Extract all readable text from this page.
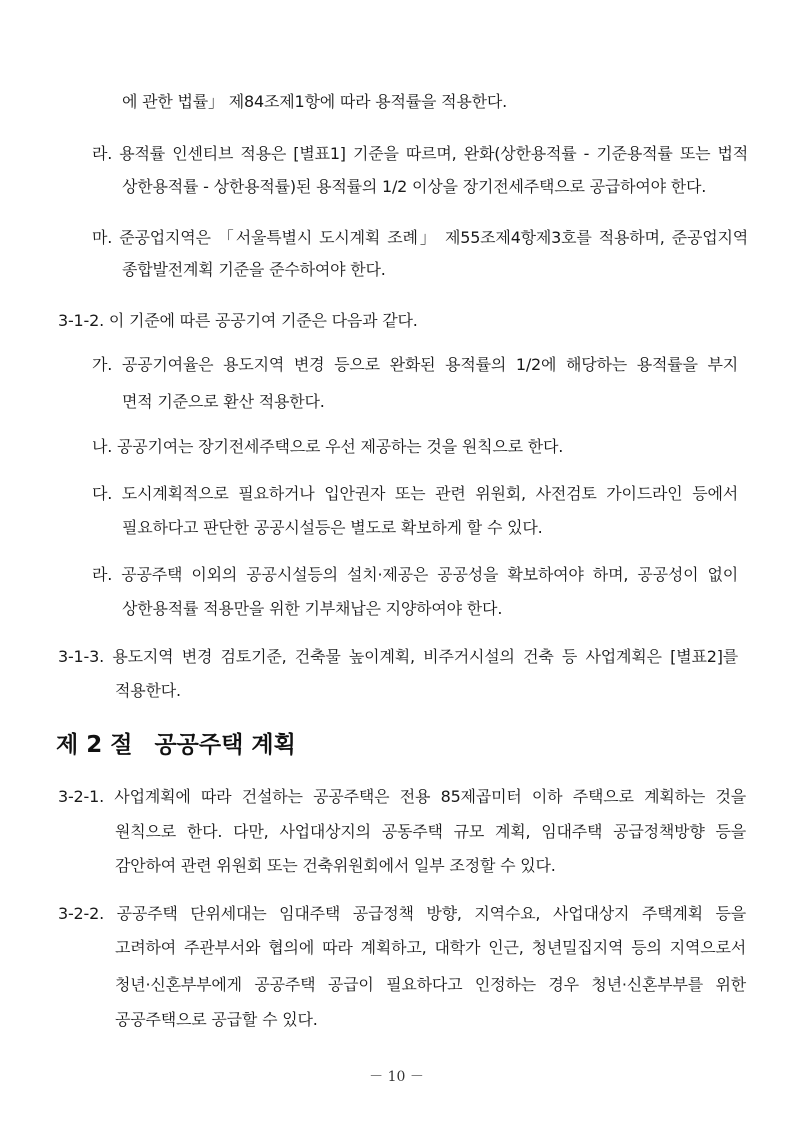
에 관한 법률」 제84조제1항에 따라 용적률을 적용한다.
라. 용적률 인센티브 적용은 [별표1] 기준을 따르며, 완화(상한용적률 - 기준용적률 또는 법적
상한용적률 - 상한용적률)된 용적률의 1/2 이상을 장기전세주택으로 공급하여야 한다.
마. 준공업지역은 「서울특별시 도시계획 조례」 제55조제4항제3호를 적용하며, 준공업지역
종합발전계획 기준을 준수하여야 한다.
3-1-2. 이 기준에 따른 공공기여 기준은 다음과 같다.
가. 공공기여율은 용도지역 변경 등으로 완화된 용적률의 1/2에 해당하는 용적률을 부지
면적 기준으로 환산 적용한다.
나. 공공기여는 장기전세주택으로 우선 제공하는 것을 원칙으로 한다.
다. 도시계획적으로 필요하거나 입안권자 또는 관련 위원회, 사전검토 가이드라인 등에서
필요하다고 판단한 공공시설등은 별도로 확보하게 할 수 있다.
라. 공공주택 이외의 공공시설등의 설치·제공은 공공성을 확보하여야 하며, 공공성이 없이
상한용적률 적용만을 위한 기부채납은 지양하여야 한다.
3-1-3. 용도지역 변경 검토기준, 건축물 높이계획, 비주거시설의 건축 등 사업계획은 [별표2]를
적용한다.
제 2 절 공공주택 계획
3-2-1. 사업계획에 따라 건설하는 공공주택은 전용 85제곱미터 이하 주택으로 계획하는 것을
원칙으로 한다. 다만, 사업대상지의 공동주택 규모 계획, 임대주택 공급정책방향 등을
감안하여 관련 위원회 또는 건축위원회에서 일부 조정할 수 있다.
3-2-2. 공공주택 단위세대는 임대주택 공급정책 방향, 지역수요, 사업대상지 주택계획 등을
고려하여 주관부서와 협의에 따라 계획하고, 대학가 인근, 청년밀집지역 등의 지역으로서
청년·신혼부부에게 공공주택 공급이 필요하다고 인정하는 경우 청년·신혼부부를 위한
공공주택으로 공급할 수 있다.
－ 10 －
